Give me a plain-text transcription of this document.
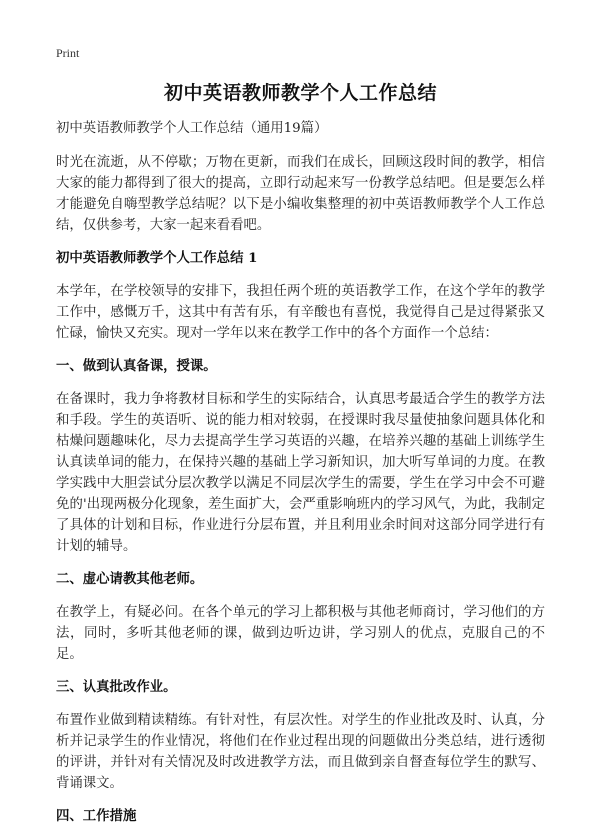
Print
初中英语教师教学个人工作总结

初中英语教师教学个人工作总结（通用19篇）

时光在流逝，从不停歇；万物在更新，而我们在成长，回顾这段时间的教学，相信大家的能力都得到了很大的提高，立即行动起来写一份教学总结吧。但是要怎么样才能避免自嗨型教学总结呢？以下是小编收集整理的初中英语教师教学个人工作总结，仅供参考，大家一起来看看吧。

初中英语教师教学个人工作总结 1

本学年，在学校领导的安排下，我担任两个班的英语教学工作，在这个学年的教学工作中，感慨万千，这其中有苦有乐，有辛酸也有喜悦，我觉得自己是过得紧张又忙碌，愉快又充实。现对一学年以来在教学工作中的各个方面作一个总结：

一、做到认真备课，授课。

在备课时，我力争将教材目标和学生的实际结合，认真思考最适合学生的教学方法和手段。学生的英语听、说的能力相对较弱，在授课时我尽量使抽象问题具体化和枯燥问题趣味化，尽力去提高学生学习英语的兴趣，在培养兴趣的基础上训练学生认真读单词的能力，在保持兴趣的基础上学习新知识，加大听写单词的力度。在教学实践中大胆尝试分层次教学以满足不同层次学生的需要，学生在学习中会不可避免的'出现两极分化现象，差生面扩大，会严重影响班内的学习风气，为此，我制定了具体的计划和目标，作业进行分层布置，并且利用业余时间对这部分同学进行有计划的辅导。

二、虚心请教其他老师。

在教学上，有疑必问。在各个单元的学习上都积极与其他老师商讨，学习他们的方法，同时，多听其他老师的课，做到边听边讲，学习别人的优点，克服自己的不足。

三、认真批改作业。

布置作业做到精读精练。有针对性，有层次性。对学生的作业批改及时、认真，分析并记录学生的作业情况，将他们在作业过程出现的问题做出分类总结，进行透彻的评讲，并针对有关情况及时改进教学方法，而且做到亲自督查每位学生的默写、背诵课文。

四、工作措施
